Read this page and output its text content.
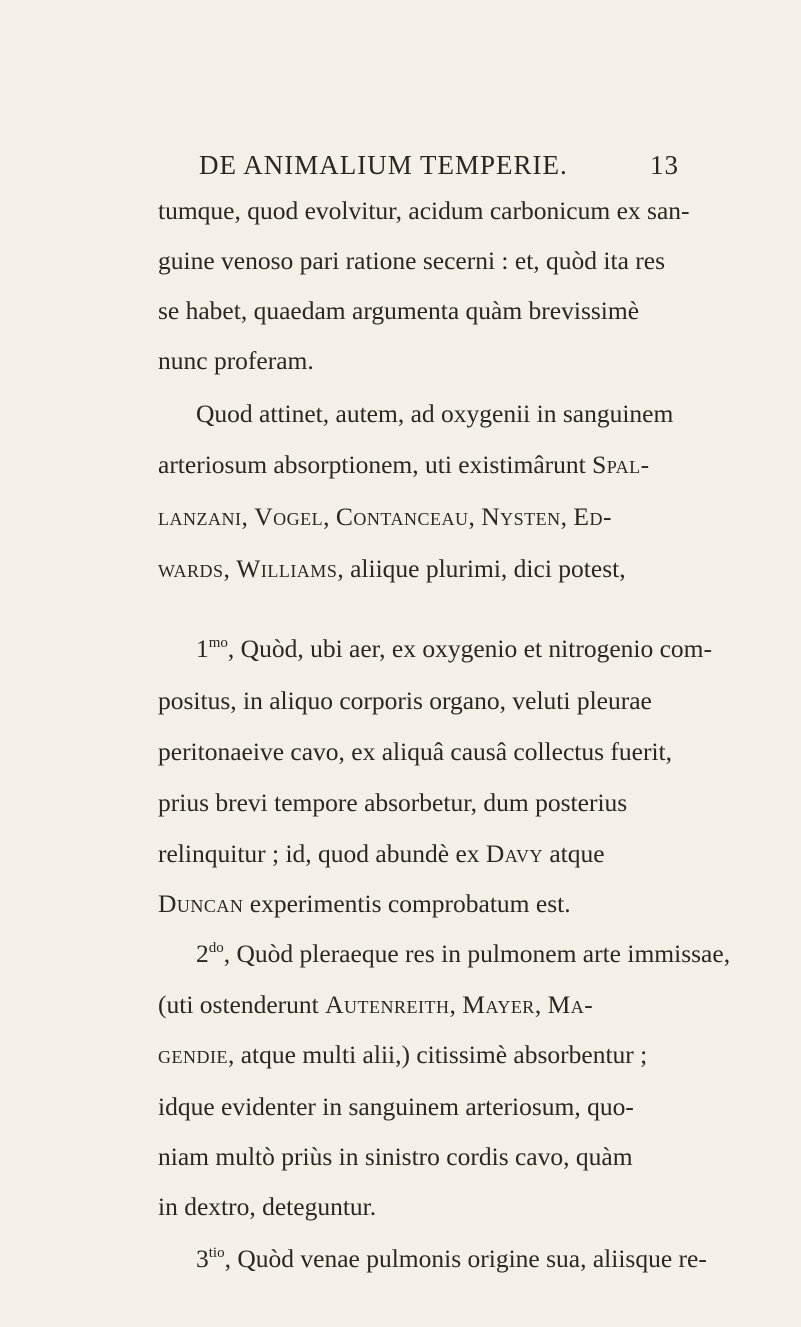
DE ANIMALIUM TEMPERIE.	13
tumque, quod evolvitur, acidum carbonicum ex san-
guine venoso pari ratione secerni : et, quòd ita res
se habet, quaedam argumenta quàm brevissimè
nunc proferam.
Quod attinet, autem, ad oxygenii in sanguinem
arteriosum absorptionem, uti existimârunt Spal-
lanzani, Vogel, Contanceau, Nysten, Ed-
wards, Williams, aliique plurimi, dici potest,
$1^{mo}$, Quòd, ubi aer, ex oxygenio et nitrogenio com-
positus, in aliquo corporis organo, veluti pleurae
peritonaeive cavo, ex aliquâ causâ collectus fuerit,
prius brevi tempore absorbetur, dum posterius
relinquitur ; id, quod abundè ex Davy atque
Duncan experimentis comprobatum est.
$2^{do}$, Quòd pleraeque res in pulmonem arte immissae,
(uti ostenderunt Autenreith, Mayer, Ma-
gendie, atque multi alii,) citissimè absorbentur ;
idque evidenter in sanguinem arteriosum, quo-
niam multò priùs in sinistro cordis cavo, quàm
in dextro, deteguntur.
$3^{tio}$, Quòd venae pulmonis origine sua, aliisque re-
